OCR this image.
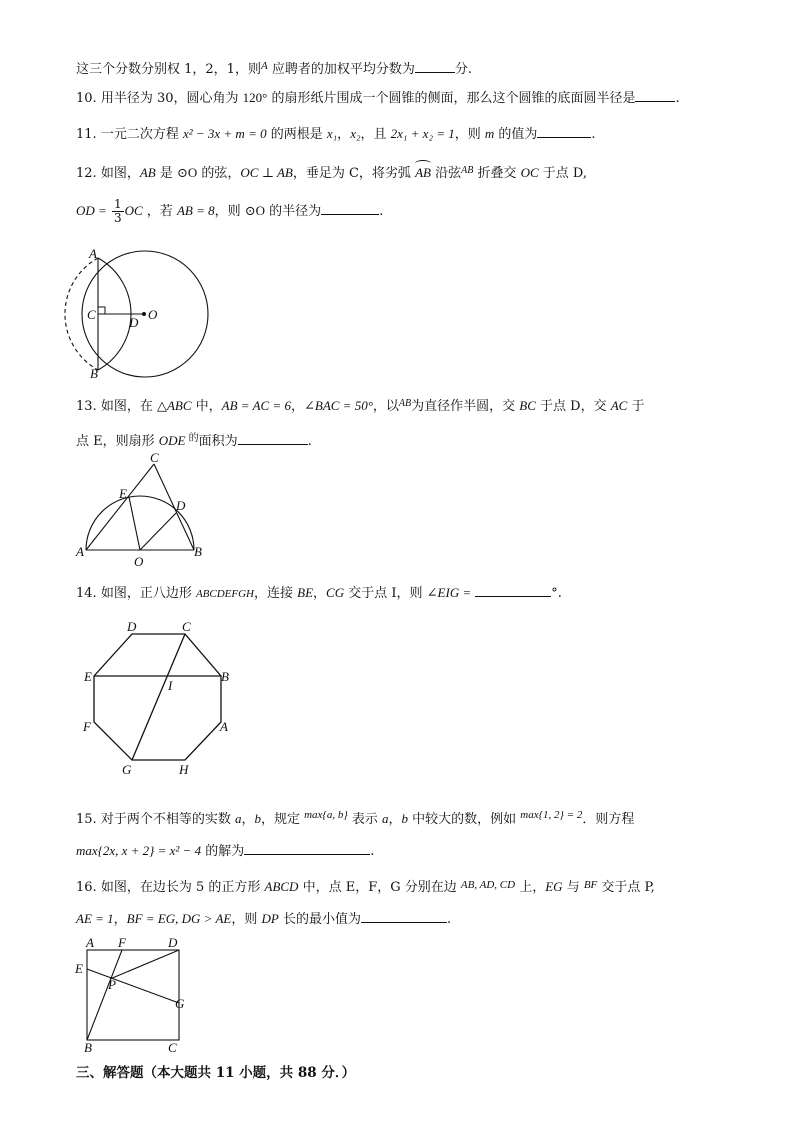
这三个分数分别权 1，2，1，则$^A$ 应聘者的加权平均分数为	分.
10. 用半径为 30，圆心角为 120° 的扇形纸片围成一个圆锥的侧面，那么这个圆锥的底面圆半径是	.
11. 一元二次方程 x² − 3x + m = 0 的两根是 x₁，x₂，且 2x₁ + x₂ = 1，则 m 的值为	.
12. 如图，AB 是 ⊙O 的弦，OC ⊥ AB，垂足为 C，将劣弧 AB 沿弦$^{AB}$ 折叠交 OC 于点 D,
OD = $\frac{1}{3}$ OC ，若 AB = 8，则 ⊙O 的半径为	.
A
B
C
D
O
13. 如图，在 △ABC 中，AB = AC = 6，∠BAC = 50°，以$^{AB}$为直径作半圆，交 BC 于点 D，交 AC 于
点 E，则扇形 ODE $^的$面积为	.
A	B
C
D
E
O
14. 如图，正八边形 ABCDEFGH，连接 BE，CG 交于点 I，则 ∠EIG =	°.
B
C
D
E
F
G	H
A
I
15. 对于两个不相等的实数 a，b，规定 $^{max\{a, b\}}$ 表示 a，b 中较大的数，例如 $^{max\{1, 2\} = 2}$．则方程
max{2x, x + 2} = x² − 4 的解为	.
16. 如图，在边长为 5 的正方形 ABCD 中，点 E，F，G 分别在边 $^{AB, AD, CD}$ 上，EG 与 $^{BF}$ 交于点 P,
AE = 1，BF = EG, DG > AE，则 DP 长的最小值为	.
A F	D
E
P
G
B	C
三、解答题（本大题共 11 小题，共 88 分．）
